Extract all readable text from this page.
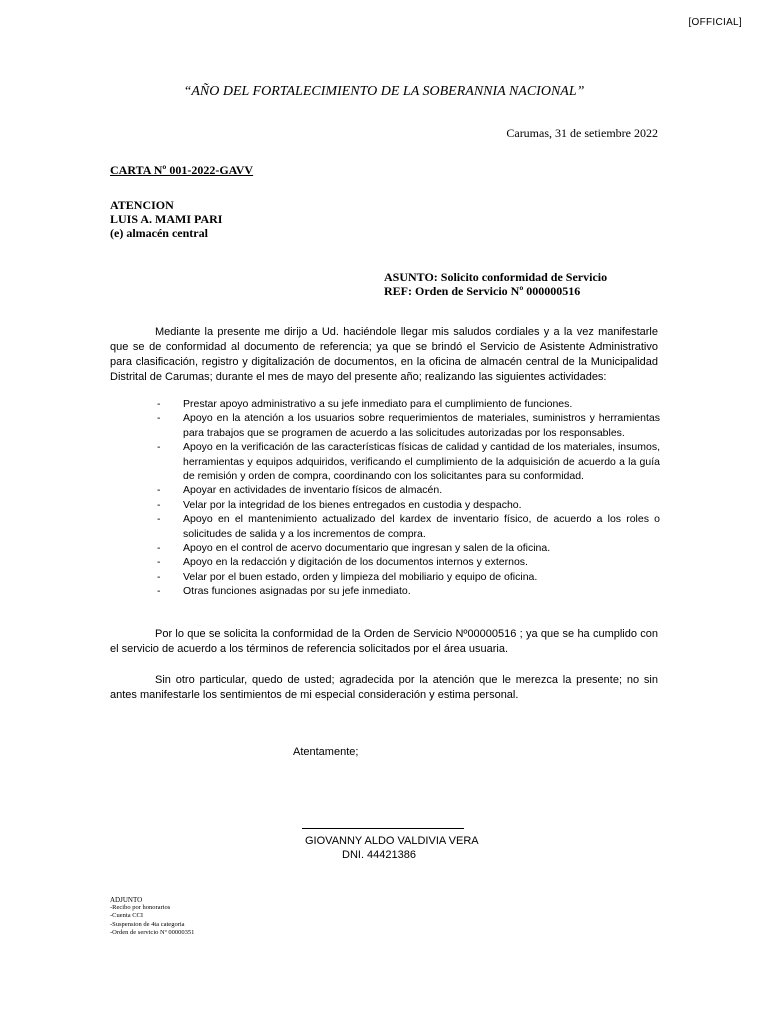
[OFFICIAL]
“AÑO DEL FORTALECIMIENTO DE LA SOBERANNIA NACIONAL”
Carumas, 31 de setiembre 2022
CARTA Nº 001-2022-GAVV
ATENCION
LUIS A. MAMI PARI
(e) almacén central
ASUNTO: Solicito conformidad de Servicio
REF: Orden de Servicio Nº 000000516
Mediante la presente me dirijo a Ud. haciéndole llegar mis saludos cordiales y a la vez manifestarle que se de conformidad al documento de referencia; ya que se brindó el Servicio de Asistente Administrativo para clasificación, registro y digitalización de documentos, en la oficina de almacén central de la Municipalidad Distrital de Carumas; durante el mes de mayo del presente año; realizando las siguientes actividades:
- Prestar apoyo administrativo a su jefe inmediato para el cumplimiento de funciones.
- Apoyo en la atención a los usuarios sobre requerimientos de materiales, suministros y herramientas para trabajos que se programen de acuerdo a las solicitudes autorizadas por los responsables.
- Apoyo en la verificación de las características físicas de calidad y cantidad de los materiales, insumos, herramientas y equipos adquiridos, verificando el cumplimiento de la adquisición de acuerdo a la guía de remisión y orden de compra, coordinando con los solicitantes para su conformidad.
- Apoyar en actividades de inventario físicos de almacén.
- Velar por la integridad de los bienes entregados en custodia y despacho.
- Apoyo en el mantenimiento actualizado del kardex de inventario físico, de acuerdo a los roles o solicitudes de salida y a los incrementos de compra.
- Apoyo en el control de acervo documentario que ingresan y salen de la oficina.
- Apoyo en la redacción y digitación de los documentos internos y externos.
- Velar por el buen estado, orden y limpieza del mobiliario y equipo de oficina.
- Otras funciones asignadas por su jefe inmediato.
Por lo que se solicita la conformidad de la Orden de Servicio Nº00000516 ; ya que se ha cumplido con el servicio de acuerdo a los términos de referencia solicitados por el área usuaria.
Sin otro particular, quedo de usted; agradecida por la atención que le merezca la presente; no sin antes manifestarle los sentimientos de mi especial consideración y estima personal.
Atentamente;
GIOVANNY ALDO VALDIVIA VERA
DNI. 44421386
ADJUNTO
-Recibo por honorarios
-Cuenta CCI
-Suspension de 4ta categoria
-Orden de servicio Nº 00000351
